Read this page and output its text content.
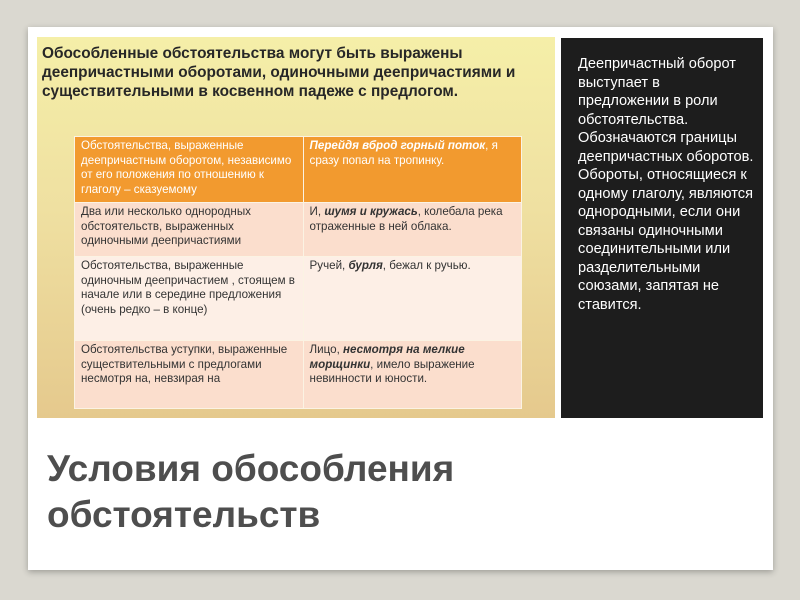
Обособленные обстоятельства могут быть выражены деепричастными оборотами, одиночными деепричастиями и существительными в косвенном падеже с предлогом.
Обстоятельства, выраженные деепричастным оборотом, независимо от его положения по отношению к глаголу – сказуемому	Перейдя вброд горный поток, я сразу попал на тропинку.
Два или несколько однородных обстоятельств, выраженных одиночными деепричастиями	И, шумя и кружась, колебала река отраженные в ней облака.
Обстоятельства, выраженные одиночным деепричастием , стоящем в начале или в середине предложения (очень редко – в конце)	Ручей, бурля, бежал к ручью.
Обстоятельства уступки, выраженные существительными с предлогами несмотря на, невзирая на	Лицо, несмотря на мелкие морщинки, имело выражение невинности и юности.
Деепричастный оборот выступает в предложении в роли обстоятельства. Обозначаются границы деепричастных оборотов. Обороты, относящиеся к одному глаголу, являются однородными, если они связаны одиночными соединительными или разделительными союзами, запятая не ставится.
Условия обособления
обстоятельств
